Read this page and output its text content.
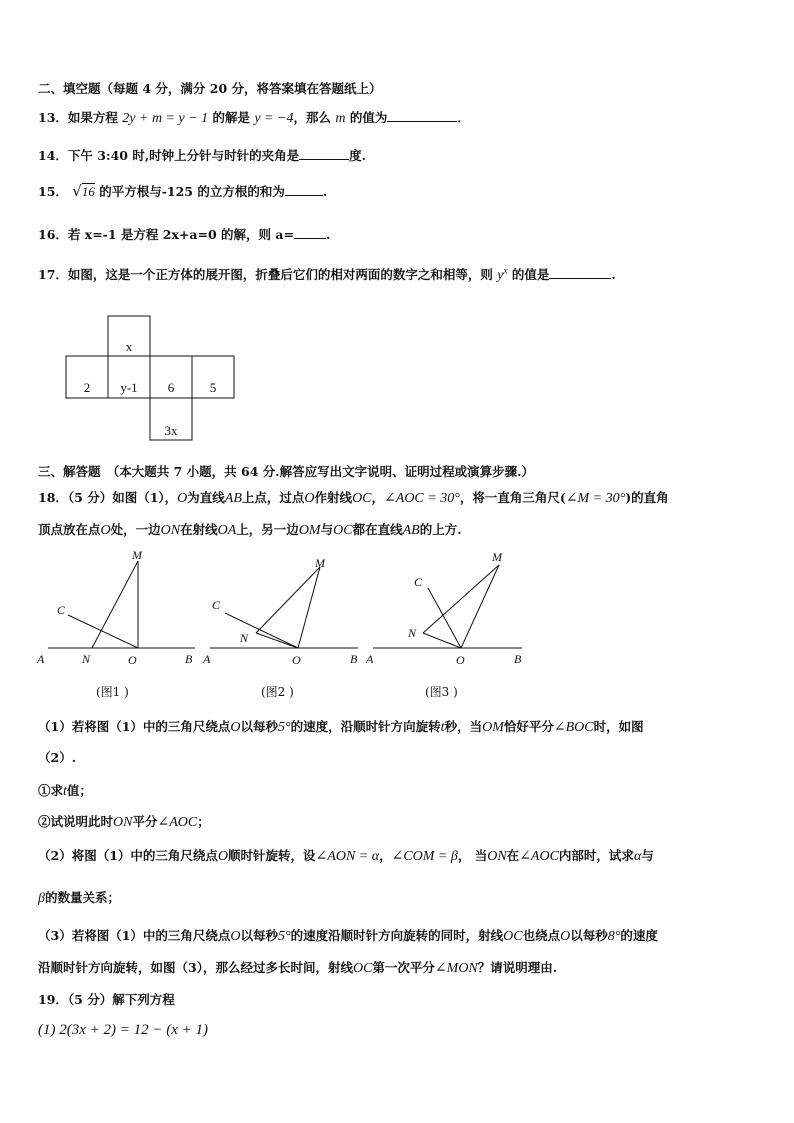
二、填空题（每题 4 分，满分 20 分，将答案填在答题纸上）
13．如果方程 2y + m = y − 1 的解是 y = −4，那么 m 的值为	．
14．下午 3:40 时,时钟上分针与时针的夹角是	度.
15． √16 的平方根与-125 的立方根的和为	.
16．若 x=-1 是方程 2x+a=0 的解，则 a=	.
17．如图，这是一个正方体的展开图，折叠后它们的相对两面的数字之和相等，则 $y^x$ 的值是	.
x
2 y-1 6	5
3x
三、解答题　（本大题共 7 小题，共 64 分.解答应写出文字说明、证明过程或演算步骤.）
18．（5 分）如图（1），O为直线AB上点，过点O作射线OC，∠AOC = 30°，将一直角三角尺(∠M = 30°)的直角
顶点放在点O处，一边ON在射线OA上，另一边OM与OC都在直线AB的上方.
M
C
A	N	O	B
M
C
N
A	O	B
M
C
N
A	O	B
(图1 )	(图2 )	(图3 )
（1）若将图（1）中的三角尺绕点O以每秒5°的速度，沿顺时针方向旋转t秒，当OM恰好平分∠BOC时，如图
（2）.
①求t值；
②试说明此时ON平分∠AOC；
（2）将图（1）中的三角尺绕点O顺时针旋转，设∠AON = α，∠COM = β， 当ON在∠AOC内部时，试求α与
β的数量关系；
（3）若将图（1）中的三角尺绕点O以每秒5°的速度沿顺时针方向旋转的同时，射线OC也绕点O以每秒8°的速度
沿顺时针方向旋转，如图（3），那么经过多长时间，射线OC第一次平分∠MON？请说明理由.
19．（5 分）解下列方程
(1) 2(3x + 2) = 12 − (x + 1)
